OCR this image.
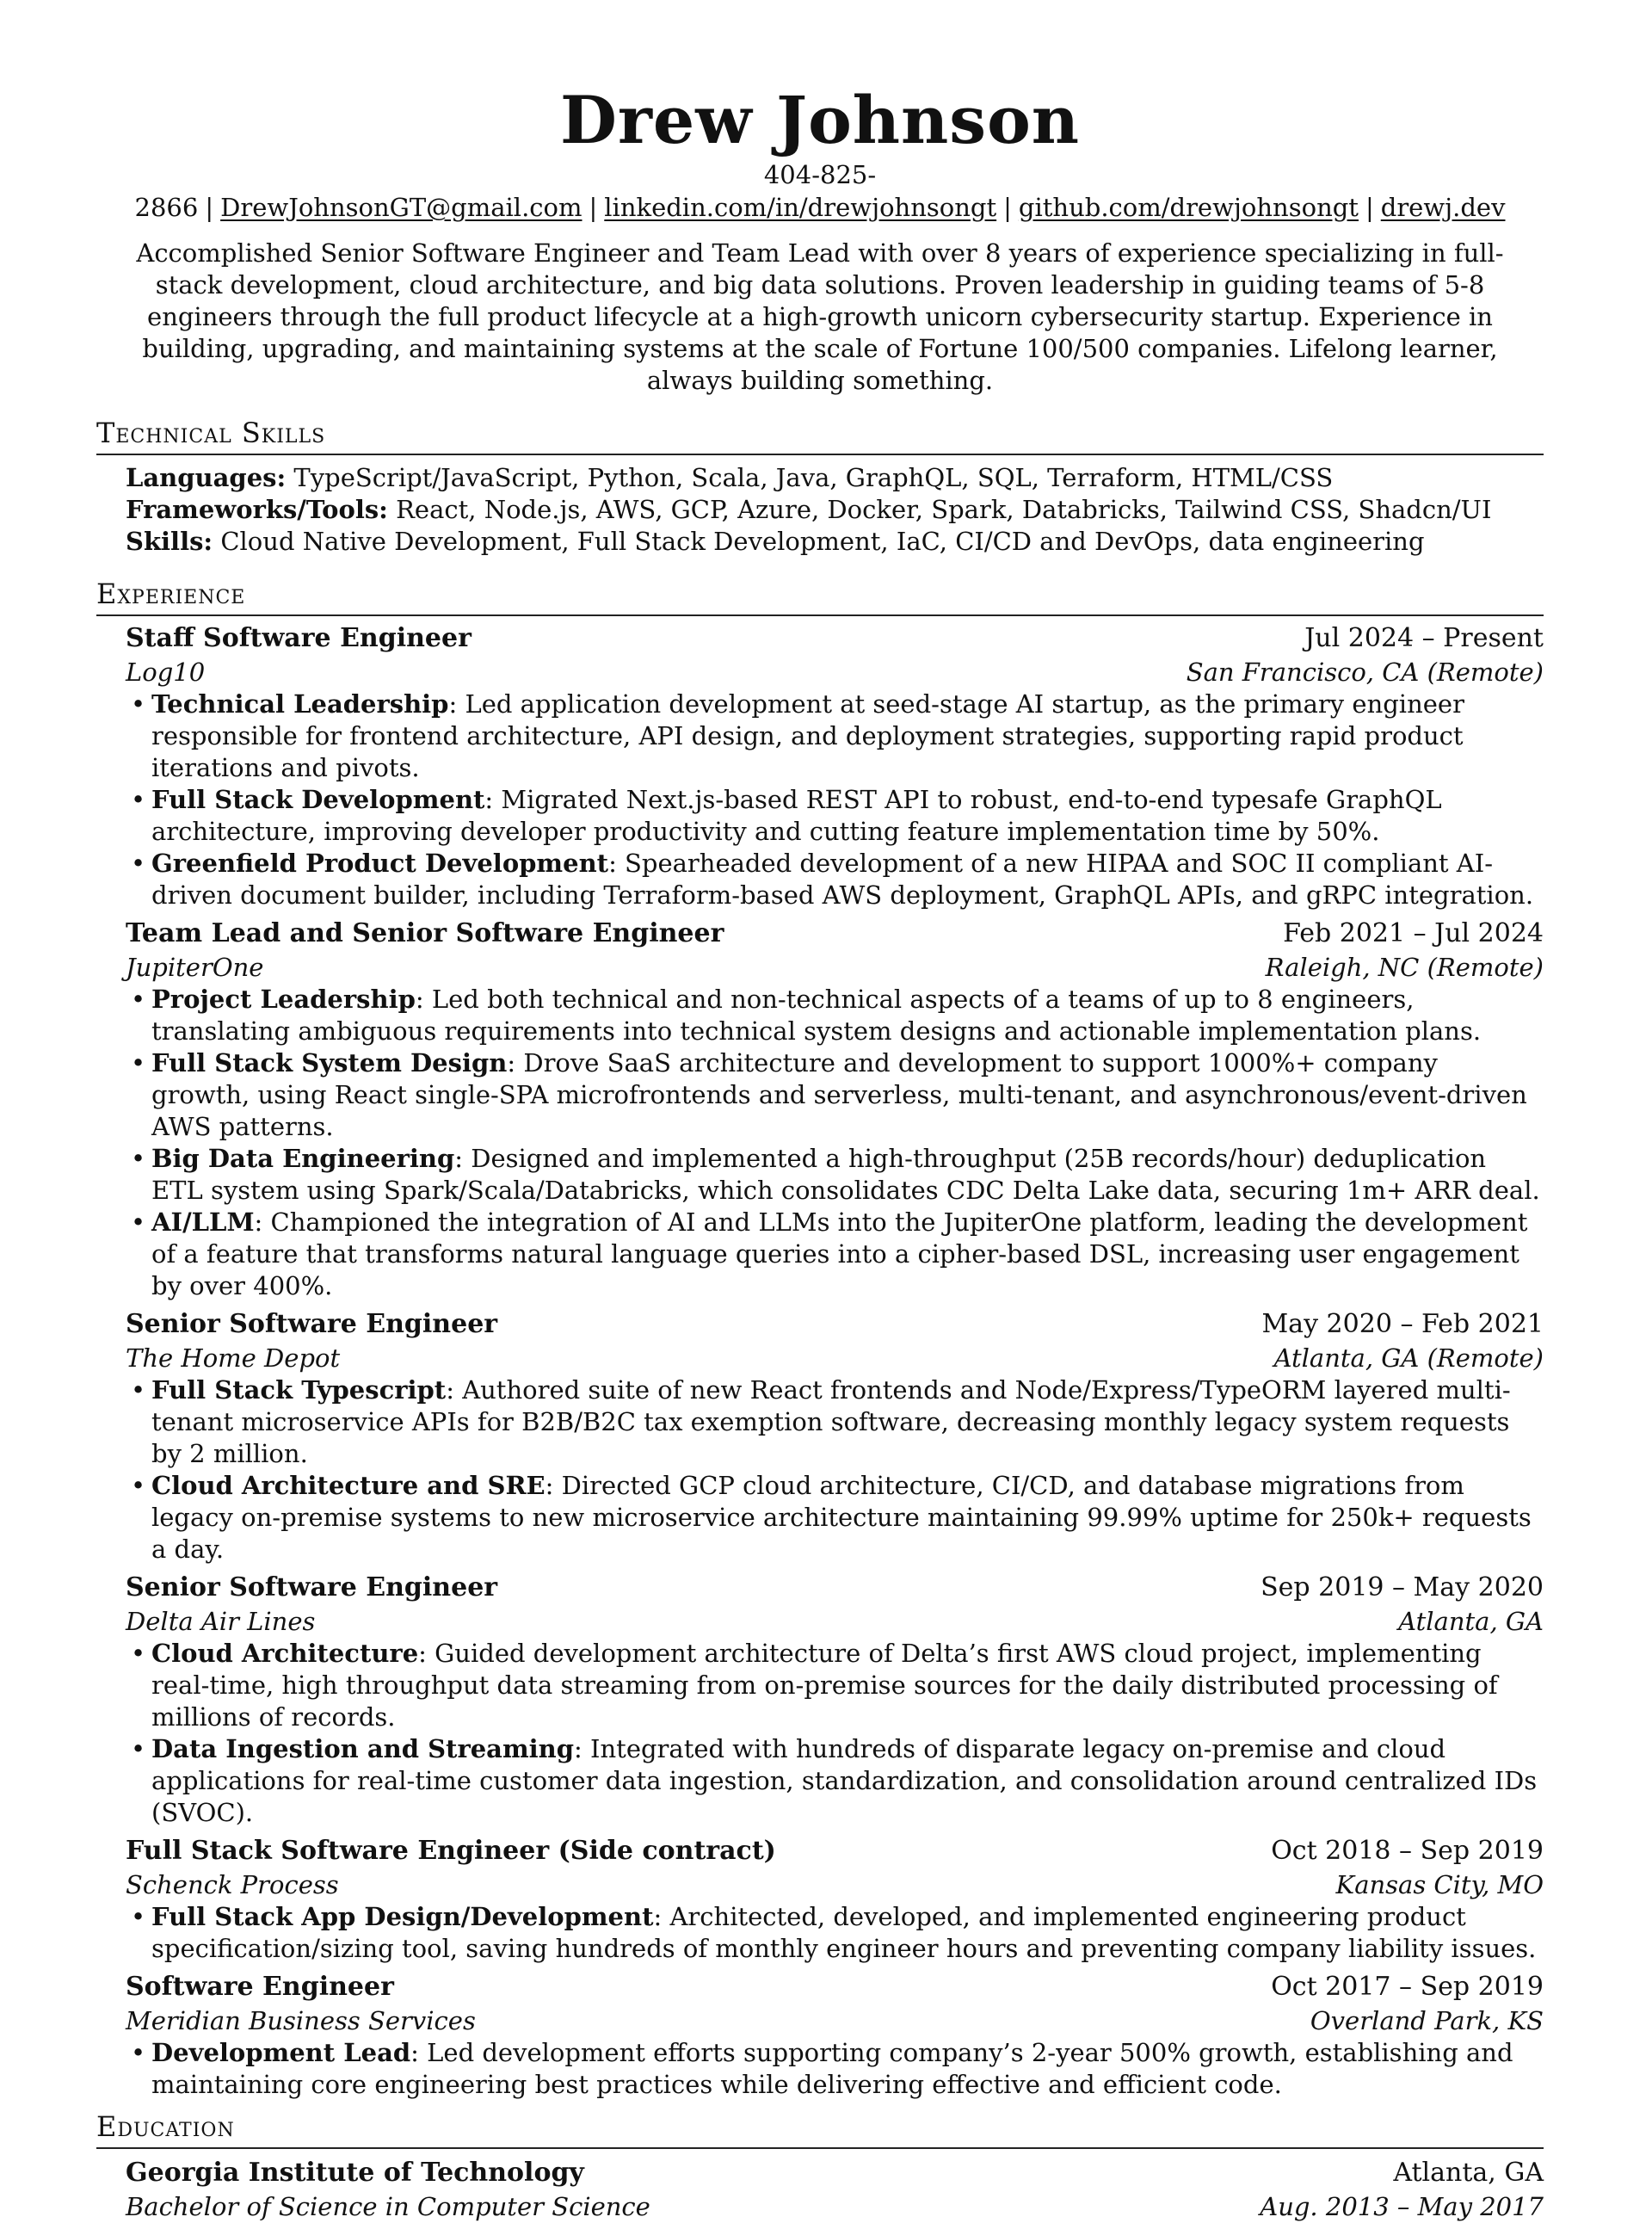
Drew Johnson
404-825-2866 | DrewJohnsonGT@gmail.com | linkedin.com/in/drewjohnsongt | github.com/drewjohnsongt | drewj.dev
Accomplished Senior Software Engineer and Team Lead with over 8 years of experience specializing in full-stack development, cloud architecture, and big data solutions. Proven leadership in guiding teams of 5-8 engineers through the full product lifecycle at a high-growth unicorn cybersecurity startup. Experience in building, upgrading, and maintaining systems at the scale of Fortune 100/500 companies. Lifelong learner, always building something.
Technical Skills
Languages: TypeScript/JavaScript, Python, Scala, Java, GraphQL, SQL, Terraform, HTML/CSS
Frameworks/Tools: React, Node.js, AWS, GCP, Azure, Docker, Spark, Databricks, Tailwind CSS, Shadcn/UI
Skills: Cloud Native Development, Full Stack Development, IaC, CI/CD and DevOps, data engineering
Experience
Staff Software Engineer	Jul 2024 – Present
Log10	San Francisco, CA (Remote)
• Technical Leadership: Led application development at seed-stage AI startup, as the primary engineer responsible for frontend architecture, API design, and deployment strategies, supporting rapid product iterations and pivots.
• Full Stack Development: Migrated Next.js-based REST API to robust, end-to-end typesafe GraphQL architecture, improving developer productivity and cutting feature implementation time by 50%.
• Greenfield Product Development: Spearheaded development of a new HIPAA and SOC II compliant AI-driven document builder, including Terraform-based AWS deployment, GraphQL APIs, and gRPC integration.
Team Lead and Senior Software Engineer	Feb 2021 – Jul 2024
JupiterOne	Raleigh, NC (Remote)
• Project Leadership: Led both technical and non-technical aspects of a teams of up to 8 engineers, translating ambiguous requirements into technical system designs and actionable implementation plans.
• Full Stack System Design: Drove SaaS architecture and development to support 1000%+ company growth, using React single-SPA microfrontends and serverless, multi-tenant, and asynchronous/event-driven AWS patterns.
• Big Data Engineering: Designed and implemented a high-throughput (25B records/hour) deduplication ETL system using Spark/Scala/Databricks, which consolidates CDC Delta Lake data, securing 1m+ ARR deal.
• AI/LLM: Championed the integration of AI and LLMs into the JupiterOne platform, leading the development of a feature that transforms natural language queries into a cipher-based DSL, increasing user engagement by over 400%.
Senior Software Engineer	May 2020 – Feb 2021
The Home Depot	Atlanta, GA (Remote)
• Full Stack Typescript: Authored suite of new React frontends and Node/Express/TypeORM layered multi-tenant microservice APIs for B2B/B2C tax exemption software, decreasing monthly legacy system requests by 2 million.
• Cloud Architecture and SRE: Directed GCP cloud architecture, CI/CD, and database migrations from legacy on-premise systems to new microservice architecture maintaining 99.99% uptime for 250k+ requests a day.
Senior Software Engineer	Sep 2019 – May 2020
Delta Air Lines	Atlanta, GA
• Cloud Architecture: Guided development architecture of Delta’s first AWS cloud project, implementing real-time, high throughput data streaming from on-premise sources for the daily distributed processing of millions of records.
• Data Ingestion and Streaming: Integrated with hundreds of disparate legacy on-premise and cloud applications for real-time customer data ingestion, standardization, and consolidation around centralized IDs (SVOC).
Full Stack Software Engineer (Side contract)	Oct 2018 – Sep 2019
Schenck Process	Kansas City, MO
• Full Stack App Design/Development: Architected, developed, and implemented engineering product specification/sizing tool, saving hundreds of monthly engineer hours and preventing company liability issues.
Software Engineer	Oct 2017 – Sep 2019
Meridian Business Services	Overland Park, KS
• Development Lead: Led development efforts supporting company’s 2-year 500% growth, establishing and maintaining core engineering best practices while delivering effective and efficient code.
Education
Georgia Institute of Technology	Atlanta, GA
Bachelor of Science in Computer Science	Aug. 2013 – May 2017
